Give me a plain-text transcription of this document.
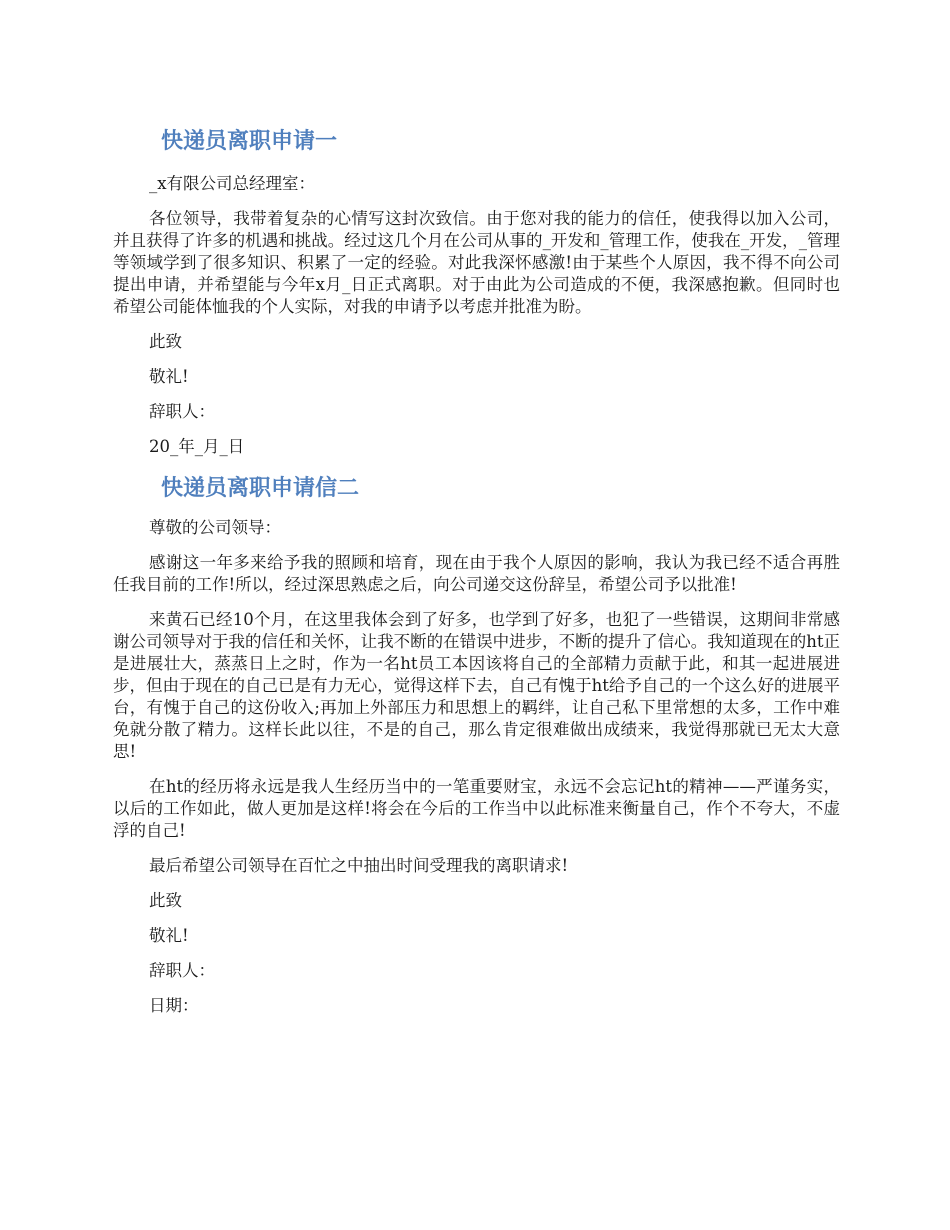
快递员离职申请一
_x有限公司总经理室：
各位领导，我带着复杂的心情写这封次致信。由于您对我的能力的信任，使我得以加入公司，并且获得了许多的机遇和挑战。经过这几个月在公司从事的_开发和_管理工作，使我在_开发，_管理等领域学到了很多知识、积累了一定的经验。对此我深怀感激!由于某些个人原因，我不得不向公司提出申请，并希望能与今年x月_日正式离职。对于由此为公司造成的不便，我深感抱歉。但同时也希望公司能体恤我的个人实际，对我的申请予以考虑并批准为盼。
此致
敬礼!
辞职人：
20_年_月_日
快递员离职申请信二
尊敬的公司领导：
感谢这一年多来给予我的照顾和培育，现在由于我个人原因的影响，我认为我已经不适合再胜任我目前的工作!所以，经过深思熟虑之后，向公司递交这份辞呈，希望公司予以批准!
来黄石已经10个月，在这里我体会到了好多，也学到了好多，也犯了一些错误，这期间非常感谢公司领导对于我的信任和关怀，让我不断的在错误中进步，不断的提升了信心。我知道现在的ht正是进展壮大，蒸蒸日上之时，作为一名ht员工本因该将自己的全部精力贡献于此，和其一起进展进步，但由于现在的自己已是有力无心，觉得这样下去，自己有愧于ht给予自己的一个这么好的进展平台，有愧于自己的这份收入;再加上外部压力和思想上的羁绊，让自己私下里常想的太多，工作中难免就分散了精力。这样长此以往，不是的自己，那么肯定很难做出成绩来，我觉得那就已无太大意思!
在ht的经历将永远是我人生经历当中的一笔重要财宝，永远不会忘记ht的精神——严谨务实，以后的工作如此，做人更加是这样!将会在今后的工作当中以此标准来衡量自己，作个不夸大，不虚浮的自己!
最后希望公司领导在百忙之中抽出时间受理我的离职请求!
此致
敬礼!
辞职人：
日期：
